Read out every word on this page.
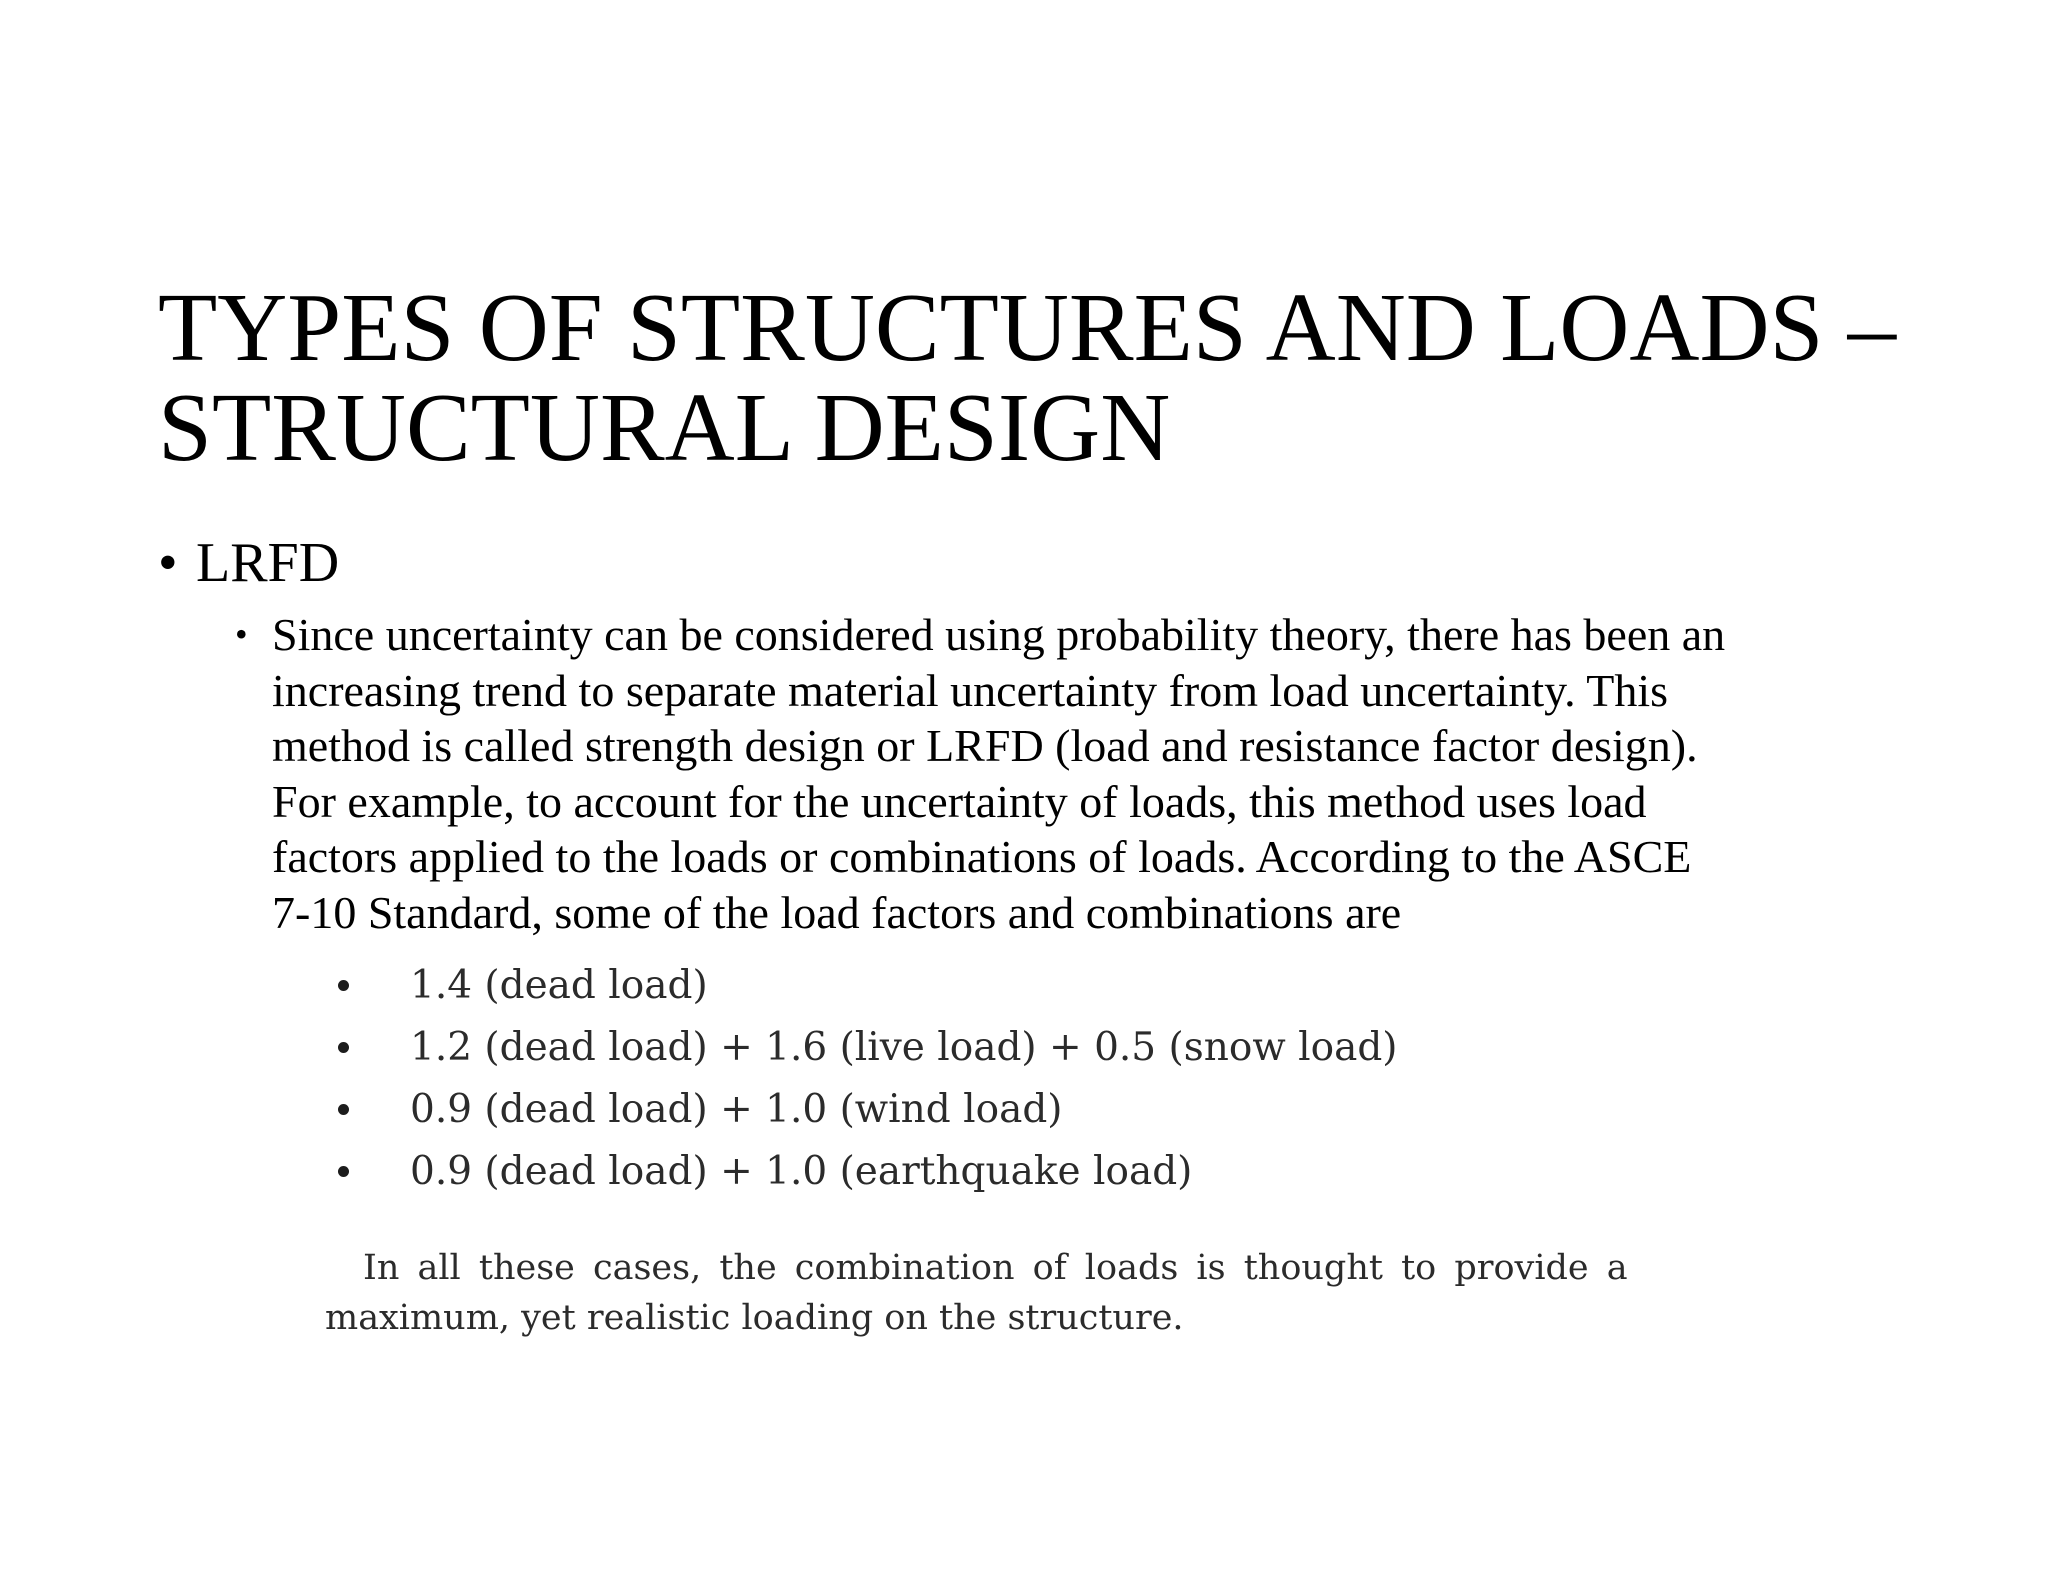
TYPES OF STRUCTURES AND LOADS –
STRUCTURAL DESIGN
• LRFD
• Since uncertainty can be considered using probability theory, there has been an
increasing trend to separate material uncertainty from load uncertainty. This
method is called strength design or LRFD (load and resistance factor design).
For example, to account for the uncertainty of loads, this method uses load
factors applied to the loads or combinations of loads. According to the ASCE
7-10 Standard, some of the load factors and combinations are
1.4 (dead load)
1.2 (dead load) + 1.6 (live load) + 0.5 (snow load)
0.9 (dead load) + 1.0 (wind load)
0.9 (dead load) + 1.0 (earthquake load)
In all these cases, the combination of loads is thought to provide a
maximum, yet realistic loading on the structure.
